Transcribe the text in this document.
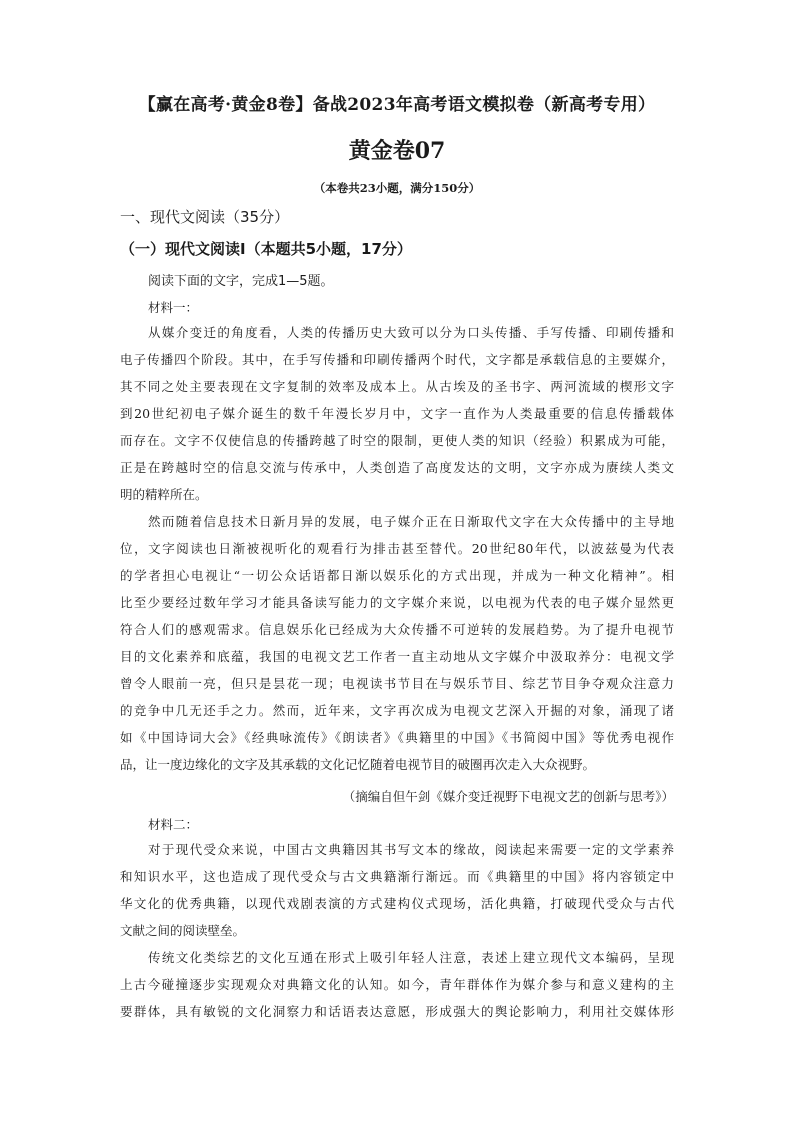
【赢在高考·黄金8卷】备战2023年高考语文模拟卷（新高考专用）
黄金卷07
（本卷共23小题，满分150分）
一、现代文阅读（35分）
（一）现代文阅读Ⅰ（本题共5小题，17分）
阅读下面的文字，完成1—5题。
材料一：
从媒介变迁的角度看，人类的传播历史大致可以分为口头传播、手写传播、印刷传播和
电子传播四个阶段。其中，在手写传播和印刷传播两个时代，文字都是承载信息的主要媒介，
其不同之处主要表现在文字复制的效率及成本上。从古埃及的圣书字、两河流域的楔形文字
到20世纪初电子媒介诞生的数千年漫长岁月中，文字一直作为人类最重要的信息传播载体
而存在。文字不仅使信息的传播跨越了时空的限制，更使人类的知识（经验）积累成为可能，
正是在跨越时空的信息交流与传承中，人类创造了高度发达的文明，文字亦成为赓续人类文
明的精粹所在。
然而随着信息技术日新月异的发展，电子媒介正在日渐取代文字在大众传播中的主导地
位，文字阅读也日渐被视听化的观看行为排击甚至替代。20世纪80年代，以波兹曼为代表
的学者担心电视让“一切公众话语都日渐以娱乐化的方式出现，并成为一种文化精神”。相
比至少要经过数年学习才能具备读写能力的文字媒介来说，以电视为代表的电子媒介显然更
符合人们的感观需求。信息娱乐化已经成为大众传播不可逆转的发展趋势。为了提升电视节
目的文化素养和底蕴，我国的电视文艺工作者一直主动地从文字媒介中汲取养分：电视文学
曾令人眼前一亮，但只是昙花一现；电视读书节目在与娱乐节目、综艺节目争夺观众注意力
的竞争中几无还手之力。然而，近年来，文字再次成为电视文艺深入开掘的对象，涌现了诸
如《中国诗词大会》《经典咏流传》《朗读者》《典籍里的中国》《书简阅中国》等优秀电视作
品，让一度边缘化的文字及其承载的文化记忆随着电视节目的破圈再次走入大众视野。
（摘编自但午剑《媒介变迁视野下电视文艺的创新与思考》）
材料二：
对于现代受众来说，中国古文典籍因其书写文本的缘故，阅读起来需要一定的文学素养
和知识水平，这也造成了现代受众与古文典籍渐行渐远。而《典籍里的中国》将内容锁定中
华文化的优秀典籍，以现代戏剧表演的方式建构仪式现场，活化典籍，打破现代受众与古代
文献之间的阅读壁垒。
传统文化类综艺的文化互通在形式上吸引年轻人注意，表述上建立现代文本编码，呈现
上古今碰撞逐步实现观众对典籍文化的认知。如今，青年群体作为媒介参与和意义建构的主
要群体，具有敏锐的文化洞察力和话语表达意愿，形成强大的舆论影响力，利用社交媒体形
